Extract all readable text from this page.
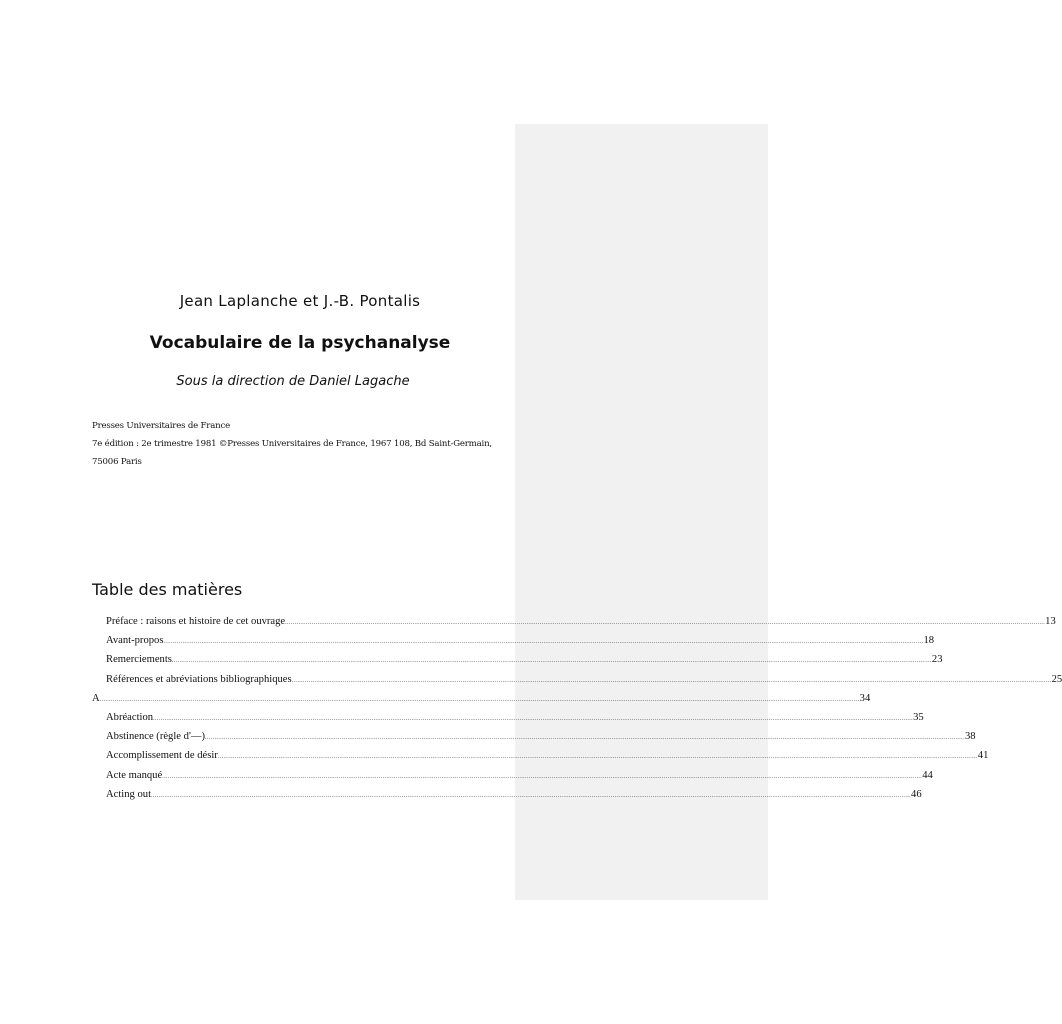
Jean Laplanche et J.-B. Pontalis
Vocabulaire de la psychanalyse
Sous la direction de Daniel Lagache
Presses Universitaires de France
7e édition : 2e trimestre 1981 ©Presses Universitaires de France, 1967 108, Bd Saint-Germain,
75006 Paris
Table des matières
Préface : raisons et histoire de cet ouvrage ................................................................................................................................................................................................................................................................................................................................................................................................................ 13
Avant-propos ................................................................................................................................................................................................................................................................................................................................................................................................................ 18
Remerciements ................................................................................................................................................................................................................................................................................................................................................................................................................ 23
Références et abréviations bibliographiques ................................................................................................................................................................................................................................................................................................................................................................................................................ 25
A ................................................................................................................................................................................................................................................................................................................................................................................................................ 34
Abréaction ................................................................................................................................................................................................................................................................................................................................................................................................................ 35
Abstinence (règle d'—) ................................................................................................................................................................................................................................................................................................................................................................................................................ 38
Accomplissement de désir ................................................................................................................................................................................................................................................................................................................................................................................................................ 41
Acte manqué ................................................................................................................................................................................................................................................................................................................................................................................................................ 44
Acting out ................................................................................................................................................................................................................................................................................................................................................................................................................ 46
